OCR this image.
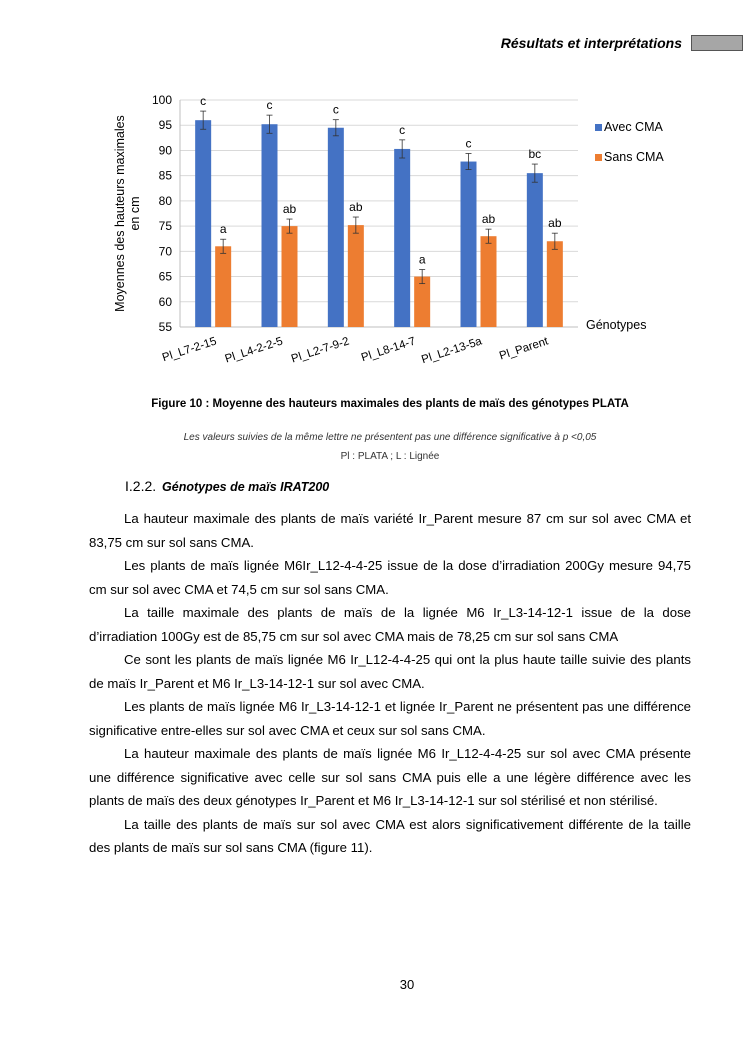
Résultats et interprétations
55
60
65
70
75
80
85
90
95
100 c
a
Pl_L7-2-15
c
ab
Pl_L4-2-2-5
c
ab
Pl_L2-7-9-2
c
a
Pl_L8-14-7
c
ab
Pl_L2-13-5a
bc
ab
Pl_Parent
Génotypes
Moyennes des hauteurs maximales en cm
Avec CMA
Sans CMA
Figure 10 : Moyenne des hauteurs maximales des plants de maïs des génotypes PLATA
Les valeurs suivies de la même lettre ne présentent pas une différence significative à p <0,05
Pl : PLATA ; L : Lignée
I.2.2. Génotypes de maïs IRAT200

La hauteur maximale des plants de maïs variété Ir_Parent mesure 87 cm sur sol avec CMA et 83,75 cm sur sol sans CMA.

Les plants de maïs lignée M6Ir_L12-4-4-25 issue de la dose d’irradiation 200Gy mesure 94,75 cm sur sol avec CMA et 74,5 cm sur sol sans CMA.

La taille maximale des plants de maïs de la lignée M6 Ir_L3-14-12-1 issue de la dose d’irradiation 100Gy est de 85,75 cm sur sol avec CMA mais de 78,25 cm sur sol sans CMA

Ce sont les plants de maïs lignée M6 Ir_L12-4-4-25 qui ont la plus haute taille suivie des plants de maïs Ir_Parent et M6 Ir_L3-14-12-1 sur sol avec CMA.

Les plants de maïs lignée M6 Ir_L3-14-12-1 et lignée Ir_Parent ne présentent pas une différence significative entre-elles sur sol avec CMA et ceux sur sol sans CMA.

La hauteur maximale des plants de maïs lignée M6 Ir_L12-4-4-25 sur sol avec CMA présente une différence significative avec celle sur sol sans CMA puis elle a une légère différence avec les plants de maïs des deux génotypes Ir_Parent et M6 Ir_L3-14-12-1 sur sol stérilisé et non stérilisé.

La taille des plants de maïs sur sol avec CMA est alors significativement différente de la taille des plants de maïs sur sol sans CMA (figure 11).

30
